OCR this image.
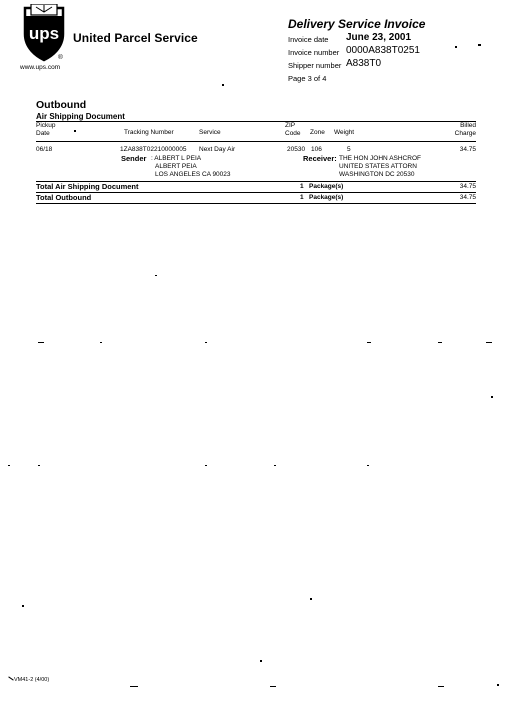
ups
®
United Parcel Service
www.ups.com
Delivery Service Invoice
Invoice date June 23, 2001
Invoice number 0000A838T0251
Shipper number A838T0
Page 3 of 4
Outbound
Air Shipping Document
Pickup
Date	Tracking Number	Service
ZIP
Code Zone Weight
Billed
Charge
06/18	1ZA838T02210000005 Next Day Air	20530 106	5	34.75
Sender : ALBERT L PEIA
ALBERT PEIA
LOS ANGELES CA 90023
Receiver: THE HON JOHN ASHCROF
UNITED STATES ATTORN
WASHINGTON DC 20530
Total Air Shipping Document	1 Package(s)	34.75
Total Outbound	1 Package(s)	34.75
VM41-2 (4/00)
